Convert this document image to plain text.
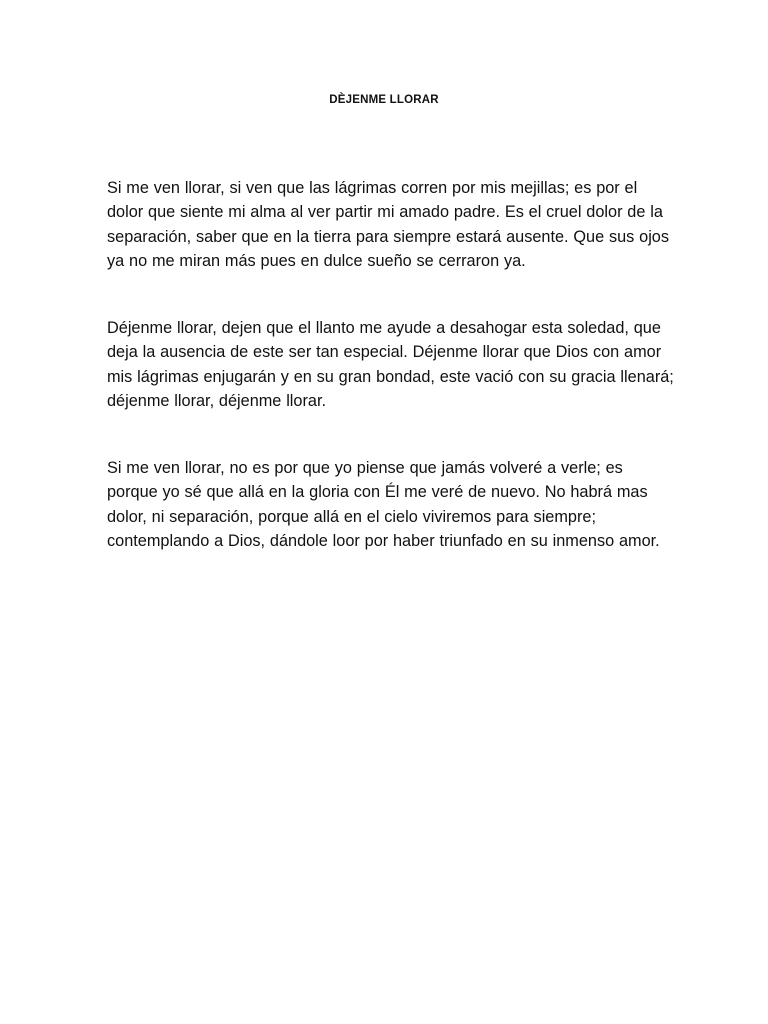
DÈJENME LLORAR

Si me ven llorar, si ven que las lágrimas corren por mis mejillas; es por el
dolor que siente mi alma al ver partir mi amado padre. Es el cruel dolor de la
separación, saber que en la tierra para siempre estará ausente. Que sus ojos
ya no me miran más pues en dulce sueño se cerraron ya.

Déjenme llorar, dejen que el llanto me ayude a desahogar esta soledad, que
deja la ausencia de este ser tan especial. Déjenme llorar que Dios con amor
mis lágrimas enjugarán y en su gran bondad, este vació con su gracia llenará;
déjenme llorar, déjenme llorar.

Si me ven llorar, no es por que yo piense que jamás volveré a verle; es
porque yo sé que allá en la gloria con Él me veré de nuevo. No habrá mas
dolor, ni separación, porque allá en el cielo viviremos para siempre;
contemplando a Dios, dándole loor por haber triunfado en su inmenso amor.
